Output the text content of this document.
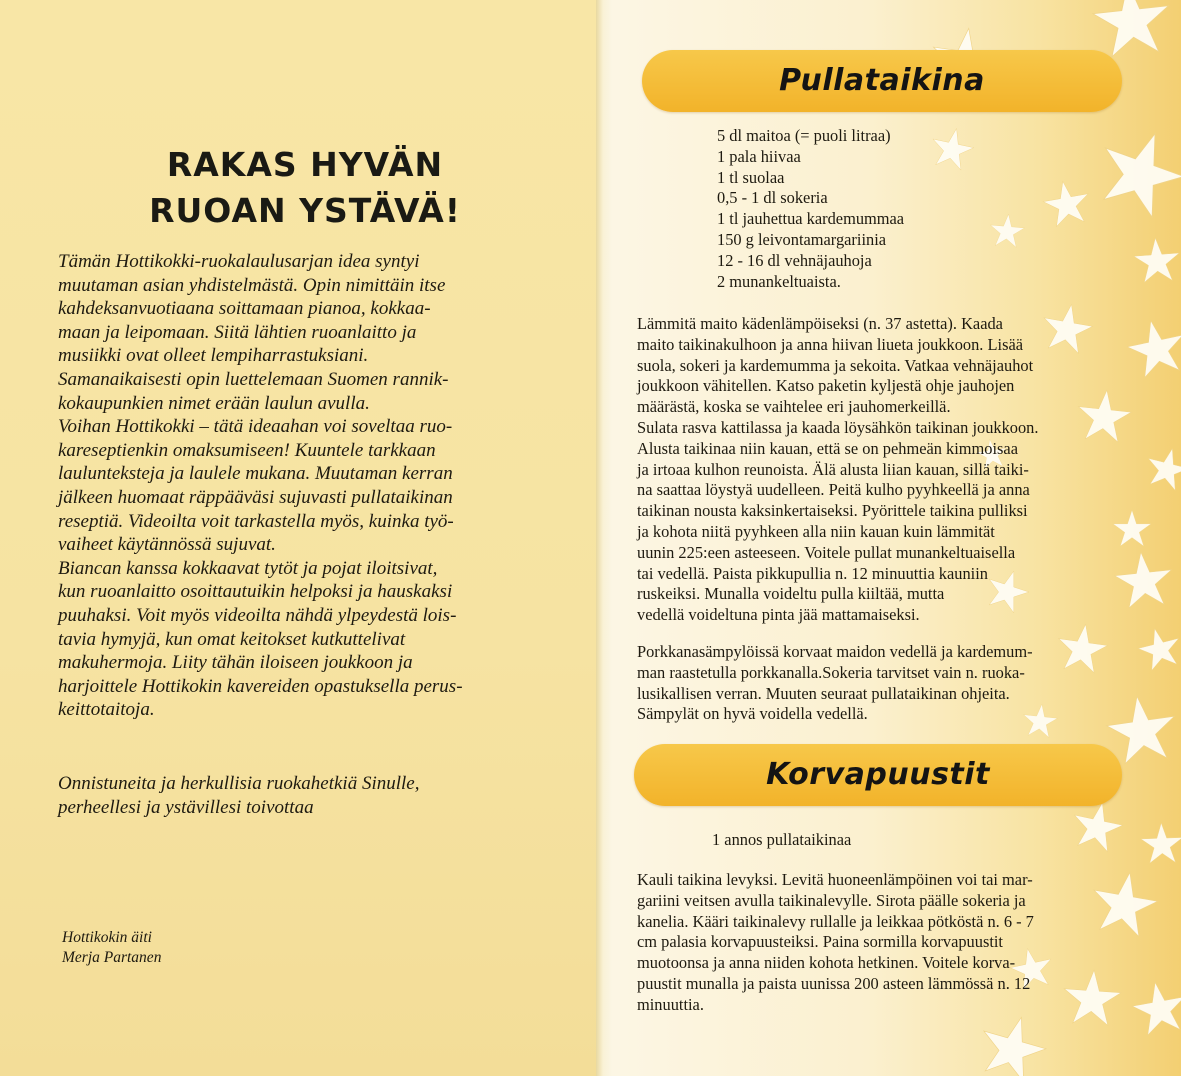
RAKAS HYVÄN
RUOAN YSTÄVÄ!

Tämän Hottikokki-ruokalaulusarjan idea syntyi

muutaman asian yhdistelmästä. Opin nimittäin itse

kahdeksanvuotiaana soittamaan pianoa, kokkaa-

maan ja leipomaan. Siitä lähtien ruoanlaitto ja

musiikki ovat olleet lempiharrastuksiani.

Samanaikaisesti opin luettelemaan Suomen rannik-

kokaupunkien nimet erään laulun avulla.

Voihan Hottikokki – tätä ideaahan voi soveltaa ruo-

kareseptienkin omaksumiseen! Kuuntele tarkkaan

laulunteksteja ja laulele mukana. Muutaman kerran

jälkeen huomaat räppääväsi sujuvasti pullataikinan

reseptiä. Videoilta voit tarkastella myös, kuinka työ-

vaiheet käytännössä sujuvat.

Biancan kanssa kokkaavat tytöt ja pojat iloitsivat,

kun ruoanlaitto osoittautuikin helpoksi ja hauskaksi

puuhaksi. Voit myös videoilta nähdä ylpeydestä lois-

tavia hymyjä, kun omat keitokset kutkuttelivat

makuhermoja. Liity tähän iloiseen joukkoon ja

harjoittele Hottikokin kavereiden opastuksella perus-

keittotaitoja.

Onnistuneita ja herkullisia ruokahetkiä Sinulle,
perheellesi ja ystävillesi toivottaa
Hottikokin äiti
Merja Partanen
Pullataikina

5 dl maitoa (= puoli litraa)

1 pala hiivaa

1 tl suolaa

0,5 - 1 dl sokeria

1 tl jauhettua kardemummaa

150 g leivontamargariinia

12 - 16 dl vehnäjauhoja

2 munankeltuaista.

Lämmitä maito kädenlämpöiseksi (n. 37 astetta). Kaada

maito taikinakulhoon ja anna hiivan liueta joukkoon. Lisää

suola, sokeri ja kardemumma ja sekoita. Vatkaa vehnäjauhot

joukkoon vähitellen. Katso paketin kyljestä ohje jauhojen

määrästä, koska se vaihtelee eri jauhomerkeillä.

Sulata rasva kattilassa ja kaada löysähkön taikinan joukkoon.

Alusta taikinaa niin kauan, että se on pehmeän kimmoisaa

ja irtoaa kulhon reunoista. Älä alusta liian kauan, sillä taiki-

na saattaa löystyä uudelleen. Peitä kulho pyyhkeellä ja anna

taikinan nousta kaksinkertaiseksi. Pyörittele taikina pulliksi

ja kohota niitä pyyhkeen alla niin kauan kuin lämmität

uunin 225:een asteeseen. Voitele pullat munankeltuaisella

tai vedellä. Paista pikkupullia n. 12 minuuttia kauniin

ruskeiksi. Munalla voideltu pulla kiiltää, mutta

vedellä voideltuna pinta jää mattamaiseksi.

Porkkanasämpylöissä korvaat maidon vedellä ja kardemum-

man raastetulla porkkanalla.Sokeria tarvitset vain n. ruoka-

lusikallisen verran. Muuten seuraat pullataikinan ohjeita.

Sämpylät on hyvä voidella vedellä.

Korvapuustit

1 annos pullataikinaa

Kauli taikina levyksi. Levitä huoneenlämpöinen voi tai mar-

gariini veitsen avulla taikinalevylle. Sirota päälle sokeria ja

kanelia. Kääri taikinalevy rullalle ja leikkaa pötköstä n. 6 - 7

cm palasia korvapuusteiksi. Paina sormilla korvapuustit

muotoonsa ja anna niiden kohota hetkinen. Voitele korva-

puustit munalla ja paista uunissa 200 asteen lämmössä n. 12

minuuttia.
